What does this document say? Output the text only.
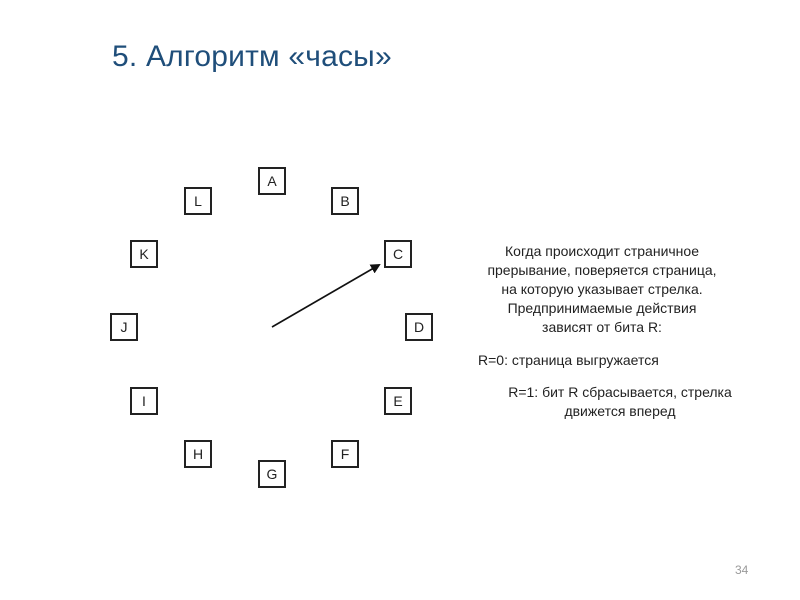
5. Алгоритм «часы»
A
B
C
D
E
F
G
H
I
J
K
L
Когда происходит страничное
прерывание, поверяется страница,
на которую указывает стрелка.
Предпринимаемые действия
зависят от бита R:
R=0: страница выгружается
R=1: бит R сбрасывается, стрелка
движется вперед
34
